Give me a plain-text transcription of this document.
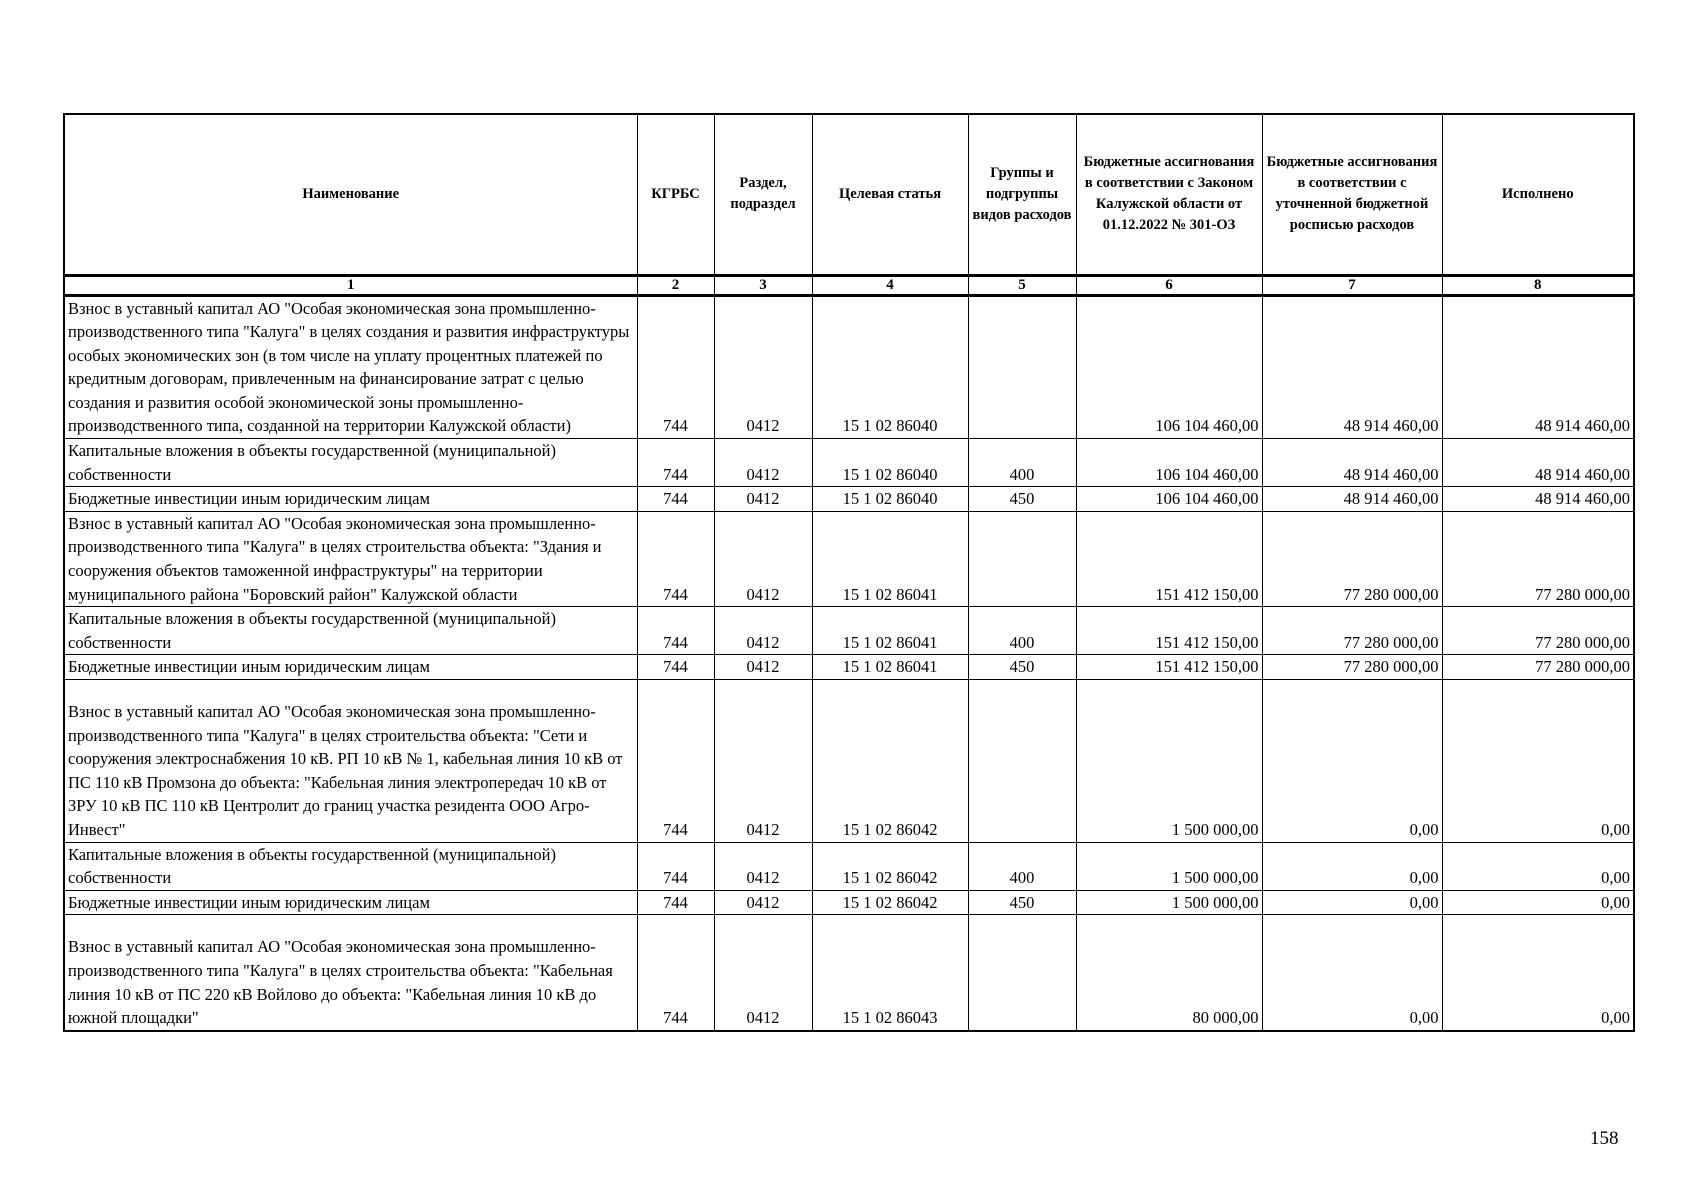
Наименование	КГРБС	Раздел, подраздел	Целевая статья	Группы и подгруппы видов расходов	Бюджетные ассигнования в соответствии с Законом Калужской области от 01.12.2022 № 301-ОЗ	Бюджетные ассигнования в соответствии с уточненной бюджетной росписью расходов	Исполнено
1	2	3	4	5	6	7	8
Взнос в уставный капитал АО "Особая экономическая зона промышленно-производственного типа "Калуга" в целях создания и развития инфраструктуры особых экономических зон (в том числе на уплату процентных платежей по кредитным договорам, привлеченным на финансирование затрат с целью создания и развития особой экономической зоны промышленно-производственного типа, созданной на территории Калужской области)	744	0412	15 1 02 86040		106 104 460,00	48 914 460,00	48 914 460,00
Капитальные вложения в объекты государственной (муниципальной) собственности	744	0412	15 1 02 86040	400	106 104 460,00	48 914 460,00	48 914 460,00
Бюджетные инвестиции иным юридическим лицам	744	0412	15 1 02 86040	450	106 104 460,00	48 914 460,00	48 914 460,00
Взнос в уставный капитал АО "Особая экономическая зона промышленно-производственного типа "Калуга" в целях строительства объекта: "Здания и сооружения объектов таможенной инфраструктуры" на территории муниципального района "Боровский район" Калужской области	744	0412	15 1 02 86041		151 412 150,00	77 280 000,00	77 280 000,00
Капитальные вложения в объекты государственной (муниципальной) собственности	744	0412	15 1 02 86041	400	151 412 150,00	77 280 000,00	77 280 000,00
Бюджетные инвестиции иным юридическим лицам	744	0412	15 1 02 86041	450	151 412 150,00	77 280 000,00	77 280 000,00
Взнос в уставный капитал АО "Особая экономическая зона промышленно-производственного типа "Калуга" в целях строительства объекта: "Сети и сооружения электроснабжения 10 кВ. РП 10 кВ № 1, кабельная линия 10 кВ от ПС 110 кВ Промзона до объекта: "Кабельная линия электропередач 10 кВ от ЗРУ 10 кВ ПС 110 кВ Центролит до границ участка резидента ООО Агро-Инвест"	744	0412	15 1 02 86042		1 500 000,00	0,00	0,00
Капитальные вложения в объекты государственной (муниципальной) собственности	744	0412	15 1 02 86042	400	1 500 000,00	0,00	0,00
Бюджетные инвестиции иным юридическим лицам	744	0412	15 1 02 86042	450	1 500 000,00	0,00	0,00
Взнос в уставный капитал АО "Особая экономическая зона промышленно-производственного типа "Калуга" в целях строительства объекта: "Кабельная линия 10 кВ от ПС 220 кВ Войлово до объекта: "Кабельная линия 10 кВ до южной площадки"	744	0412	15 1 02 86043		80 000,00	0,00	0,00
158
